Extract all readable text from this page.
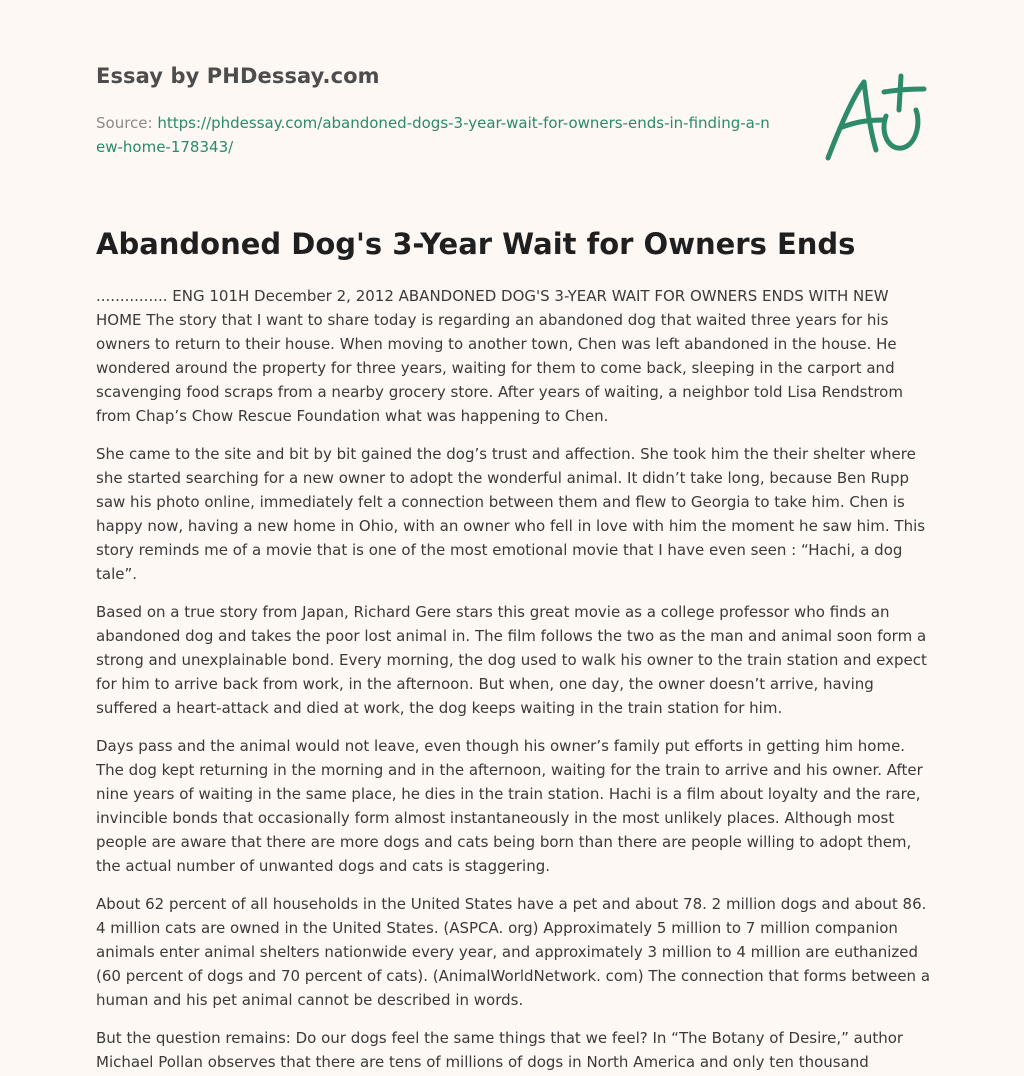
Essay by PHDessay.com
Source: https://phdessay.com/abandoned-dogs-3-year-wait-for-owners-ends-in-finding-a-new-home-178343/
Abandoned Dog's 3-Year Wait for Owners Ends

............... ENG 101H December 2, 2012 ABANDONED DOG'S 3-YEAR WAIT FOR OWNERS ENDS WITH NEW HOME The story that I want to share today is regarding an abandoned dog that waited three years for his owners to return to their house. When moving to another town, Chen was left abandoned in the house. He wondered around the property for three years, waiting for them to come back, sleeping in the carport and scavenging food scraps from a nearby grocery store. After years of waiting, a neighbor told Lisa Rendstrom from Chap’s Chow Rescue Foundation what was happening to Chen.

She came to the site and bit by bit gained the dog’s trust and affection. She took him the their shelter where she started searching for a new owner to adopt the wonderful animal. It didn’t take long, because Ben Rupp saw his photo online, immediately felt a connection between them and flew to Georgia to take him. Chen is happy now, having a new home in Ohio, with an owner who fell in love with him the moment he saw him. This story reminds me of a movie that is one of the most emotional movie that I have even seen : “Hachi, a dog tale”.

Based on a true story from Japan, Richard Gere stars this great movie as a college professor who finds an abandoned dog and takes the poor lost animal in. The film follows the two as the man and animal soon form a strong and unexplainable bond. Every morning, the dog used to walk his owner to the train station and expect for him to arrive back from work, in the afternoon. But when, one day, the owner doesn’t arrive, having suffered a heart-attack and died at work, the dog keeps waiting in the train station for him.

Days pass and the animal would not leave, even though his owner’s family put efforts in getting him home. The dog kept returning in the morning and in the afternoon, waiting for the train to arrive and his owner. After nine years of waiting in the same place, he dies in the train station. Hachi is a film about loyalty and the rare, invincible bonds that occasionally form almost instantaneously in the most unlikely places. Although most people are aware that there are more dogs and cats being born than there are people willing to adopt them, the actual number of unwanted dogs and cats is staggering.

About 62 percent of all households in the United States have a pet and about 78. 2 million dogs and about 86. 4 million cats are owned in the United States. (ASPCA. org) Approximately 5 million to 7 million companion animals enter animal shelters nationwide every year, and approximately 3 million to 4 million are euthanized (60 percent of dogs and 70 percent of cats). (AnimalWorldNetwork. com) The connection that forms between a human and his pet animal cannot be described in words.

But the question remains: Do our dogs feel the same things that we feel? In “The Botany of Desire,” author Michael Pollan observes that there are tens of millions of dogs in North America and only ten thousand
